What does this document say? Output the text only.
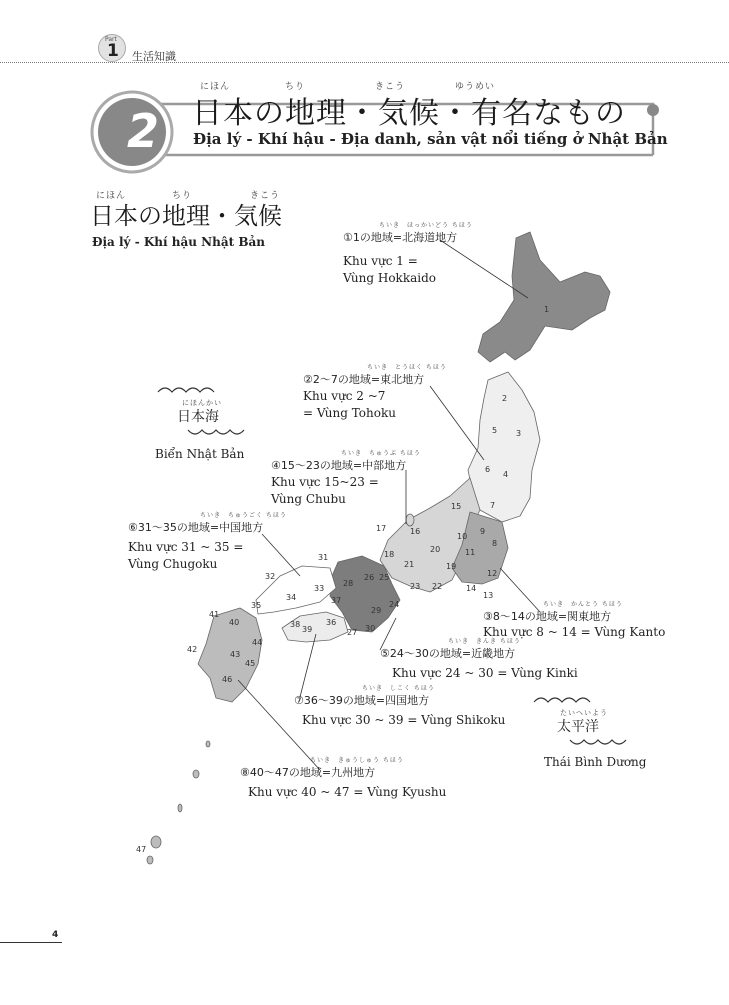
Part
1 生活知識
2
にほん	ちり	きこう	ゆうめい
日本の地理・気候・有名なもの
Địa lý - Khí hậu - Địa danh, sản vật nổi tiếng ở Nhật Bản
にほん	ちり	きこう
日本の地理・気候
Địa lý - Khí hậu Nhật Bản
1
2
3
4
5
6
7
8
9
10
11
12
13
14
15
16
17
18
19
20
21
22
23
24
25
26
27
28
29
30
31
32
33
34
35
36
37
38
39
40
41
42
43
44
45
46
47
にほんかい
日本海
Biển Nhật Bản
たいへいよう
太平洋
Thái Bình Dương
ちいき　ほっかいどう ちほう
①1の地域=北海道地方
Khu vực 1 =
Vùng Hokkaido
ちいき　とうほく ちほう
②2〜7の地域=東北地方
Khu vực 2 ~7
= Vùng Tohoku
ちいき　ちゅうぶ ちほう
④15〜23の地域=中部地方
Khu vực 15~23 =
Vùng Chubu
ちいき　ちゅうごく ちほう
⑥31〜35の地域=中国地方
Khu vực 31 ~ 35 =
Vùng Chugoku
ちいき　かんとう ちほう
③8〜14の地域=関東地方
Khu vực 8 ~ 14 = Vùng Kanto
ちいき　きんき ちほう
⑤24〜30の地域=近畿地方
Khu vực 24 ~ 30 = Vùng Kinki
ちいき　しこく ちほう
⑦36〜39の地域=四国地方
Khu vực 30 ~ 39 = Vùng Shikoku
ちいき　きゅうしゅう ちほう
⑧40〜47の地域=九州地方
Khu vực 40 ~ 47 = Vùng Kyushu
4
